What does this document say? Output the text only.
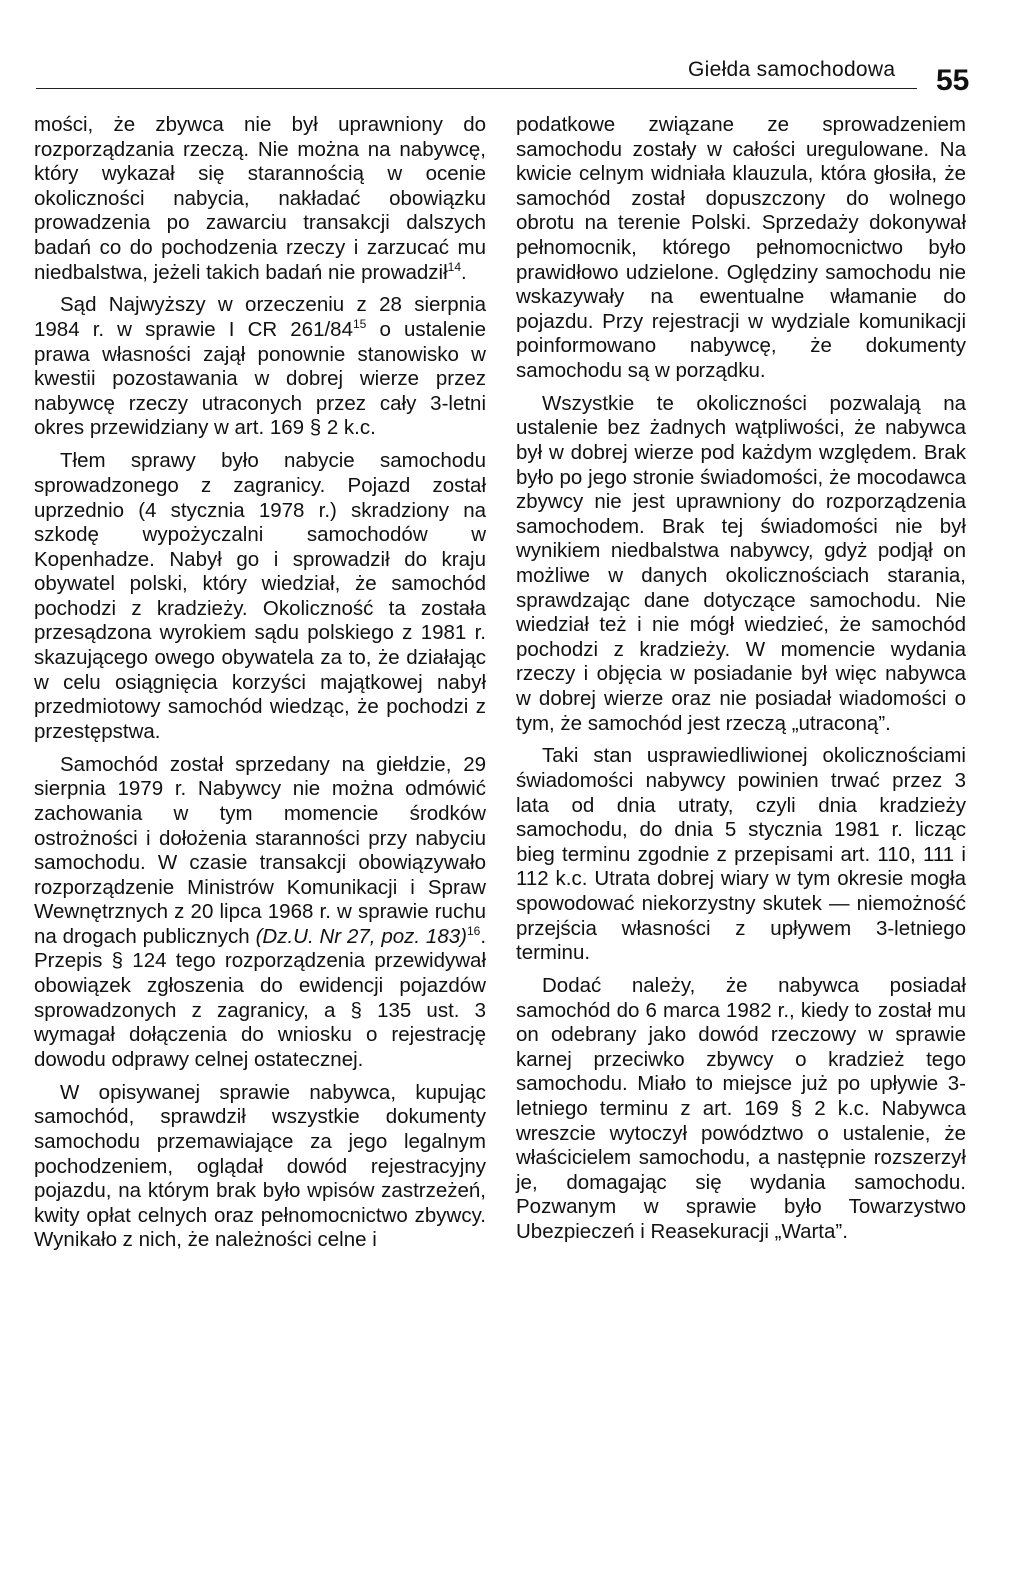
Giełda samochodowa 55

mości, że zbywca nie był uprawniony do rozporządzania rzeczą. Nie można na nabywcę, który wykazał się starannością w ocenie okoliczności nabycia, nakładać obowiązku prowadzenia po zawarciu transakcji dalszych badań co do pochodzenia rzeczy i zarzucać mu niedbalstwa, jeżeli takich badań nie prowadził$^{14}$.

Sąd Najwyższy w orzeczeniu z 28 sierpnia 1984 r. w sprawie I CR $261/84^{15}$ o ustalenie prawa własności zajął ponownie stanowisko w kwestii pozostawania w dobrej wierze przez nabywcę rzeczy utraconych przez cały 3-letni okres przewidziany w art. 169 § 2 k.c.

Tłem sprawy było nabycie samochodu sprowadzonego z zagranicy. Pojazd został uprzednio (4 stycznia 1978 r.) skradziony na szkodę wypożyczalni samochodów w Kopenhadze. Nabył go i sprowadził do kraju obywatel polski, który wiedział, że samochód pochodzi z kradzieży. Okoliczność ta została przesądzona wyrokiem sądu polskiego z 1981 r. skazującego owego obywatela za to, że działając w celu osiągnięcia korzyści majątkowej nabył przedmiotowy samochód wiedząc, że pochodzi z przestępstwa.

Samochód został sprzedany na giełdzie, 29 sierpnia 1979 r. Nabywcy nie można odmówić zachowania w tym momencie środków ostrożności i dołożenia staranności przy nabyciu samochodu. W czasie transakcji obowiązywało rozporządzenie Ministrów Komunikacji i Spraw Wewnętrznych z 20 lipca 1968 r. w sprawie ruchu na drogach publicznych (Dz.U. Nr 27, poz. 183)$^{16}$. Przepis § 124 tego rozporządzenia przewidywał obowiązek zgłoszenia do ewidencji pojazdów sprowadzonych z zagranicy, a § 135 ust. 3 wymagał dołączenia do wniosku o rejestrację dowodu odprawy celnej ostatecznej.

W opisywanej sprawie nabywca, kupując samochód, sprawdził wszystkie dokumenty samochodu przemawiające za jego legalnym pochodzeniem, oglądał dowód rejestracyjny pojazdu, na którym brak było wpisów zastrzeżeń, kwity opłat celnych oraz pełnomocnictwo zbywcy. Wynikało z nich, że należności celne i

podatkowe związane ze sprowadzeniem samochodu zostały w całości uregulowane. Na kwicie celnym widniała klauzula, która głosiła, że samochód został dopuszczony do wolnego obrotu na terenie Polski. Sprzedaży dokonywał pełnomocnik, którego pełnomocnictwo było prawidłowo udzielone. Oględziny samochodu nie wskazywały na ewentualne włamanie do pojazdu. Przy rejestracji w wydziale komunikacji poinformowano nabywcę, że dokumenty samochodu są w porządku.

Wszystkie te okoliczności pozwalają na ustalenie bez żadnych wątpliwości, że nabywca był w dobrej wierze pod każdym względem. Brak było po jego stronie świadomości, że mocodawca zbywcy nie jest uprawniony do rozporządzenia samochodem. Brak tej świadomości nie był wynikiem niedbalstwa nabywcy, gdyż podjął on możliwe w danych okolicznościach starania, sprawdzając dane dotyczące samochodu. Nie wiedział też i nie mógł wiedzieć, że samochód pochodzi z kradzieży. W momencie wydania rzeczy i objęcia w posiadanie był więc nabywca w dobrej wierze oraz nie posiadał wiadomości o tym, że samochód jest rzeczą „utraconą”.

Taki stan usprawiedliwionej okolicznościami świadomości nabywcy powinien trwać przez 3 lata od dnia utraty, czyli dnia kradzieży samochodu, do dnia 5 stycznia 1981 r. licząc bieg terminu zgodnie z przepisami art. 110, 111 i 112 k.c. Utrata dobrej wiary w tym okresie mogła spowodować niekorzystny skutek — niemożność przejścia własności z upływem 3-letniego terminu.

Dodać należy, że nabywca posiadał samochód do 6 marca 1982 r., kiedy to został mu on odebrany jako dowód rzeczowy w sprawie karnej przeciwko zbywcy o kradzież tego samochodu. Miało to miejsce już po upływie 3-letniego terminu z art. 169 § 2 k.c. Nabywca wreszcie wytoczył powództwo o ustalenie, że właścicielem samochodu, a następnie rozszerzył je, domagając się wydania samochodu. Pozwanym w sprawie było Towarzystwo Ubezpieczeń i Reasekuracji „Warta”.
